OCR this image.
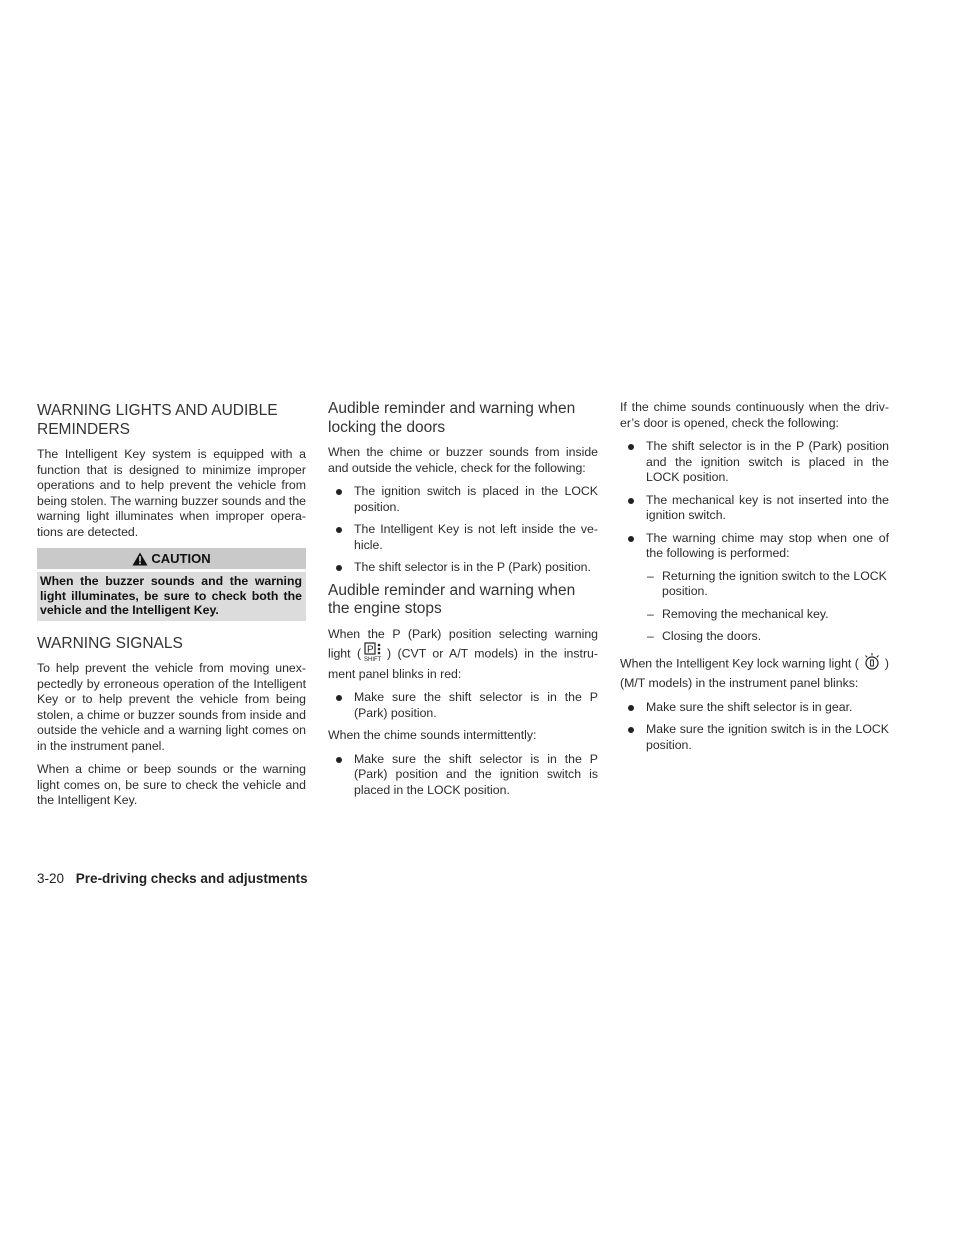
WARNING LIGHTS AND AUDIBLE REMINDERS
The Intelligent Key system is equipped with a function that is designed to minimize improper operations and to help prevent the vehicle from being stolen. The warning buzzer sounds and the warning light illuminates when improper opera-tions are detected.
CAUTION
When the buzzer sounds and the warning light illuminates, be sure to check both the vehicle and the Intelligent Key.
WARNING SIGNALS
To help prevent the vehicle from moving unex-pectedly by erroneous operation of the Intelligent Key or to help prevent the vehicle from being stolen, a chime or buzzer sounds from inside and outside the vehicle and a warning light comes on in the instrument panel.
When a chime or beep sounds or the warning light comes on, be sure to check the vehicle and the Intelligent Key.
Audible reminder and warning when locking the doors
When the chime or buzzer sounds from inside and outside the vehicle, check for the following:
The ignition switch is placed in the LOCK position.
The Intelligent Key is not left inside the ve-hicle.
The shift selector is in the P (Park) position.
Audible reminder and warning when the engine stops
When the P (Park) position selecting warning light ( P
SHIFT ) (CVT or A/T models) in the instru-ment panel blinks in red:
Make sure the shift selector is in the P (Park) position.
When the chime sounds intermittently:
Make sure the shift selector is in the P (Park) position and the ignition switch is placed in the LOCK position.
If the chime sounds continuously when the driv-er’s door is opened, check the following:
The shift selector is in the P (Park) position and the ignition switch is placed in the LOCK position.
The mechanical key is not inserted into the ignition switch.
The warning chime may stop when one of the following is performed:
– Returning the ignition switch to the LOCK position.
– Removing the mechanical key.
– Closing the doors.
When the Intelligent Key lock warning light ( ) (M/T models) in the instrument panel blinks:
Make sure the shift selector is in gear.
Make sure the ignition switch is in the LOCK position.
3-20 Pre-driving checks and adjustments
